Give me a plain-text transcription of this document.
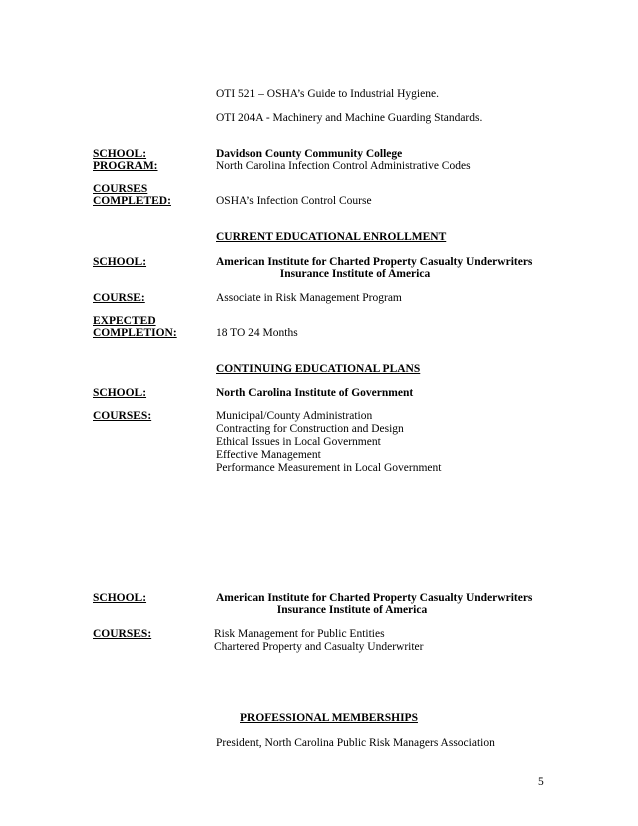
OTI 521 – OSHA’s Guide to Industrial Hygiene.
OTI 204A - Machinery and Machine Guarding Standards.
SCHOOL:	Davidson County Community College
PROGRAM:	North Carolina Infection Control Administrative Codes
COURSES
COMPLETED:	OSHA’s Infection Control Course
CURRENT EDUCATIONAL ENROLLMENT
SCHOOL:	American Institute for Charted Property Casualty Underwriters
Insurance Institute of America
COURSE:	Associate in Risk Management Program
EXPECTED
COMPLETION:	18 TO 24 Months
CONTINUING EDUCATIONAL PLANS
SCHOOL:	North Carolina Institute of Government
COURSES:	Municipal/County Administration
Contracting for Construction and Design
Ethical Issues in Local Government
Effective Management
Performance Measurement in Local Government
SCHOOL:	American Institute for Charted Property Casualty Underwriters
Insurance Institute of America
COURSES:	Risk Management for Public Entities
Chartered Property and Casualty Underwriter
PROFESSIONAL MEMBERSHIPS
President, North Carolina Public Risk Managers Association
5
